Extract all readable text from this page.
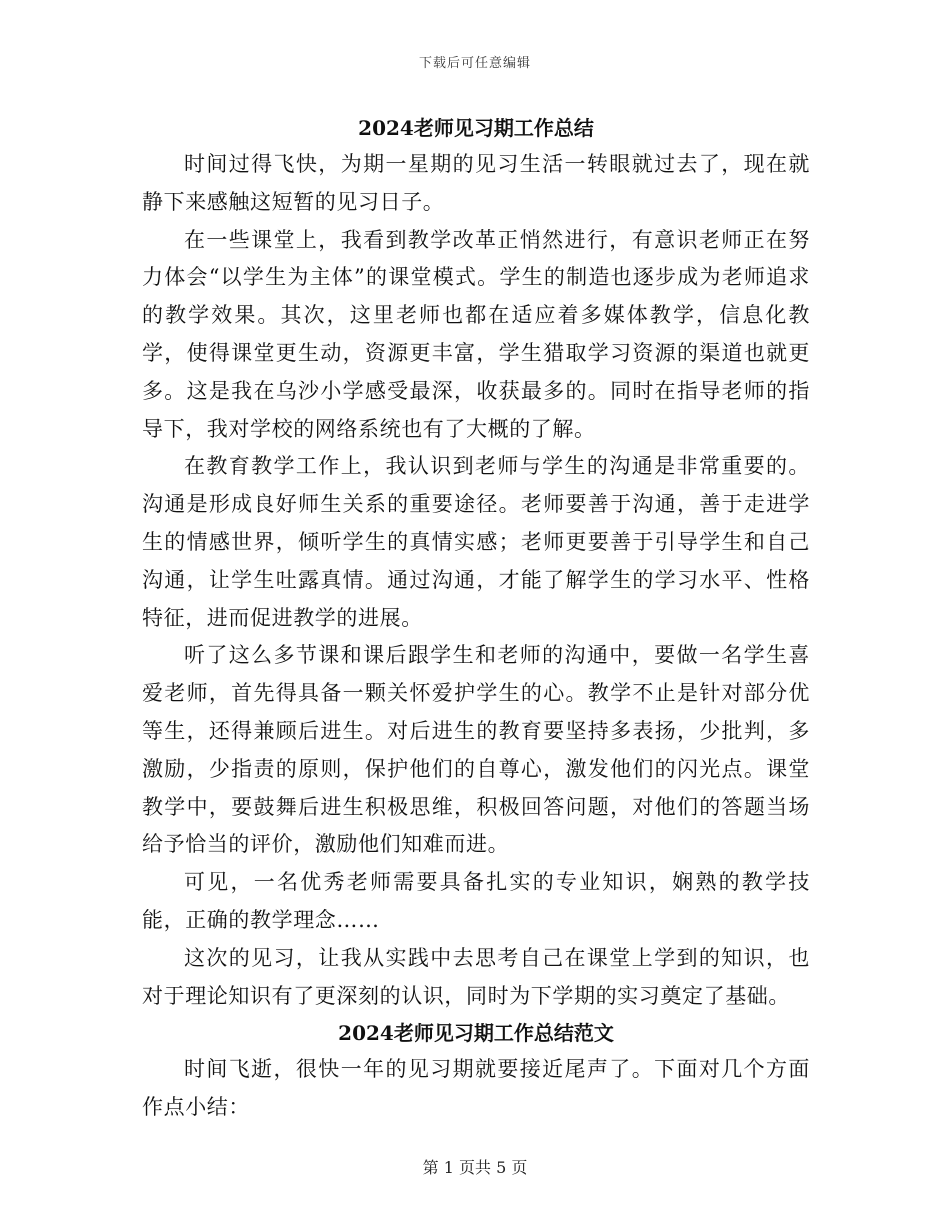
下载后可任意编辑
2024老师见习期工作总结

时间过得飞快，为期一星期的见习生活一转眼就过去了，现在就静下来感触这短暂的见习日子。

在一些课堂上，我看到教学改革正悄然进行，有意识老师正在努力体会“以学生为主体”的课堂模式。学生的制造也逐步成为老师追求的教学效果。其次，这里老师也都在适应着多媒体教学，信息化教学，使得课堂更生动，资源更丰富，学生猎取学习资源的渠道也就更多。这是我在乌沙小学感受最深，收获最多的。同时在指导老师的指导下，我对学校的网络系统也有了大概的了解。

在教育教学工作上，我认识到老师与学生的沟通是非常重要的。沟通是形成良好师生关系的重要途径。老师要善于沟通，善于走进学生的情感世界，倾听学生的真情实感；老师更要善于引导学生和自己沟通，让学生吐露真情。通过沟通，才能了解学生的学习水平、性格特征，进而促进教学的进展。

听了这么多节课和课后跟学生和老师的沟通中，要做一名学生喜爱老师，首先得具备一颗关怀爱护学生的心。教学不止是针对部分优等生，还得兼顾后进生。对后进生的教育要坚持多表扬，少批判，多激励，少指责的原则，保护他们的自尊心，激发他们的闪光点。课堂教学中，要鼓舞后进生积极思维，积极回答问题，对他们的答题当场给予恰当的评价，激励他们知难而进。

可见，一名优秀老师需要具备扎实的专业知识，娴熟的教学技能，正确的教学理念……

这次的见习，让我从实践中去思考自己在课堂上学到的知识，也对于理论知识有了更深刻的认识，同时为下学期的实习奠定了基础。

2024老师见习期工作总结范文

时间飞逝，很快一年的见习期就要接近尾声了。下面对几个方面作点小结：

第 1 页共 5 页
